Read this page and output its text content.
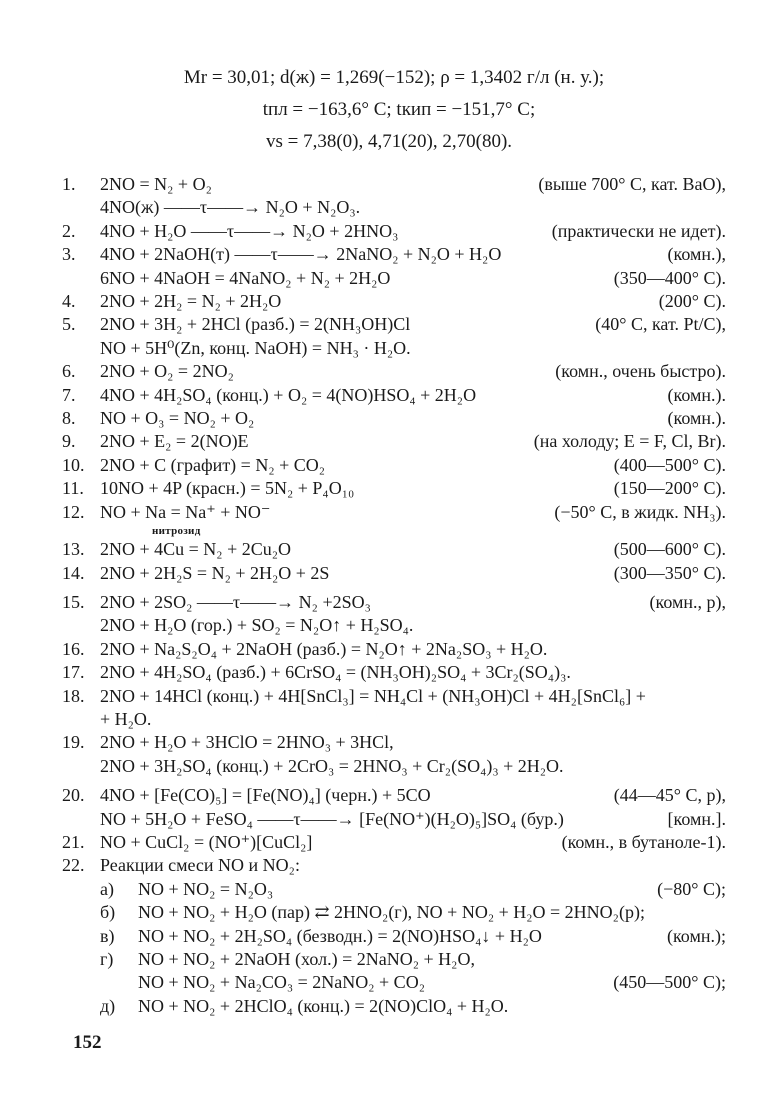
Mr = 30,01; d(ж) = 1,269(−152); ρ = 1,3402 г/л (н. у.);
tпл = −163,6° С; tкип = −151,7° С;
vs = 7,38(0), 4,71(20), 2,70(80).
1.	2NO = N₂ + O₂	(выше 700° С, кат. ВаО),
4NO(ж) ——τ——→ N₂O + N₂O₃.
2.	4NO + H₂O ——τ——→ N₂O + 2HNO₃	(практически не идет).
3.	4NO + 2NaOH(т) ——τ——→ 2NaNO₂ + N₂O + H₂O	(комн.),
6NO + 4NaOH = 4NaNO₂ + N₂ + 2H₂O	(350—400° С).
4.	2NO + 2H₂ = N₂ + 2H₂O	(200° С).
5.	2NO + 3H₂ + 2HCl (разб.) = 2(NH₃OH)Cl	(40° С, кат. Pt/C),
NO + 5H⁰(Zn, конц. NaOH) = NH₃ · H₂O.
6.	2NO + O₂ = 2NO₂	(комн., очень быстро).
7.	4NO + 4H₂SO₄ (конц.) + O₂ = 4(NO)HSO₄ + 2H₂O	(комн.).
8.	NO + O₃ = NO₂ + O₂	(комн.).
9.	2NO + E₂ = 2(NO)E	(на холоду; E = F, Cl, Br).
10. 2NO + C (графит) = N₂ + CO₂	(400—500° С).
11. 10NO + 4P (красн.) = 5N₂ + P₄O₁₀	(150—200° С).
12. NO + Na = Na⁺ + NO⁻	(−50° С, в жидк. NH₃).
нитрозид
13. 2NO + 4Cu = N₂ + 2Cu₂O	(500—600° С).
14. 2NO + 2H₂S = N₂ + 2H₂O + 2S	(300—350° С).
15. 2NO + 2SO₂ ——τ——→ N₂ +2SO₃	(комн., p),
2NO + H₂O (гор.) + SO₂ = N₂O↑ + H₂SO₄.
16. 2NO + Na₂S₂O₄ + 2NaOH (разб.) = N₂O↑ + 2Na₂SO₃ + H₂O.
17. 2NO + 4H₂SO₄ (разб.) + 6CrSO₄ = (NH₃OH)₂SO₄ + 3Cr₂(SO₄)₃.
18. 2NO + 14HCl (конц.) + 4H[SnCl₃] = NH₄Cl + (NH₃OH)Cl + 4H₂[SnCl₆] +
+ H₂O.
19. 2NO + H₂O + 3HClO = 2HNO₃ + 3HCl,
2NO + 3H₂SO₄ (конц.) + 2CrO₃ = 2HNO₃ + Cr₂(SO₄)₃ + 2H₂O.
20. 4NO + [Fe(CO)₅] = [Fe(NO)₄] (черн.) + 5CO	(44—45° С, p),
NO + 5H₂O + FeSO₄ ——τ——→ [Fe(NO⁺)(H₂O)₅]SO₄ (бур.)	[комн.].
21. NO + CuCl₂ = (NO⁺)[CuCl₂]	(комн., в бутаноле-1).
22. Реакции смеси NO и NO₂:
а)	NO + NO₂ = N₂O₃	(−80° С);
б)	NO + NO₂ + H₂O (пар) ⇄ 2HNO₂(г), NO + NO₂ + H₂O = 2HNO₂(р);
в)	NO + NO₂ + 2H₂SO₄ (безводн.) = 2(NO)HSO₄↓ + H₂O	(комн.);
г)	NO + NO₂ + 2NaOH (хол.) = 2NaNO₂ + H₂O,
NO + NO₂ + Na₂CO₃ = 2NaNO₂ + CO₂	(450—500° С);
д)	NO + NO₂ + 2HClO₄ (конц.) = 2(NO)ClO₄ + H₂O.
152
